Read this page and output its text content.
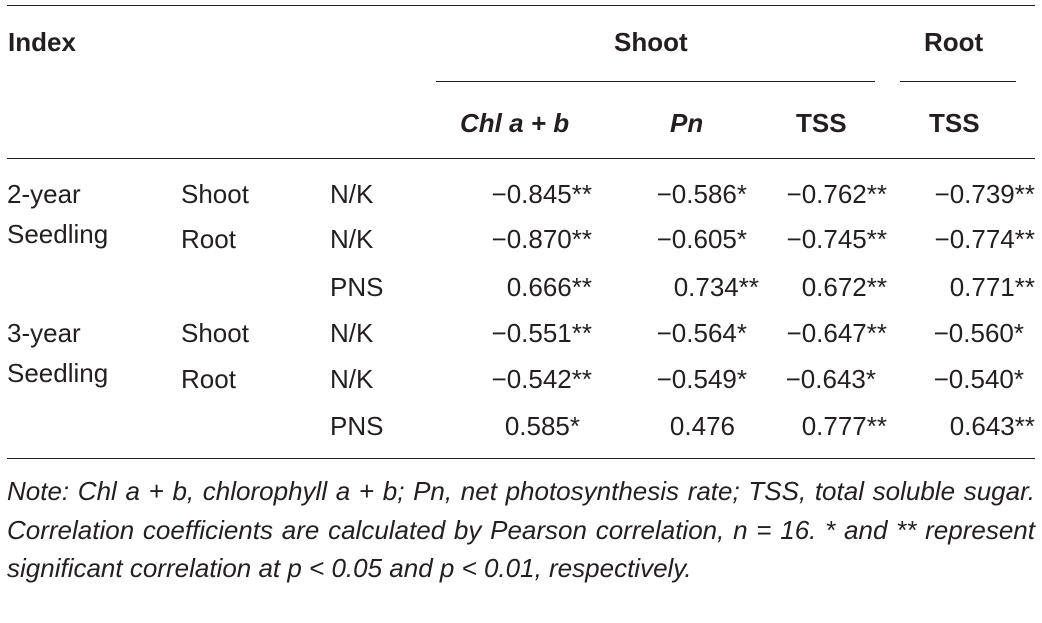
Index	Shoot	Root
Chl a + b	Pn	TSS	TSS
2-year
Seedling
Shoot	N/K	−0.845** −0.586* −0.762** −0.739**
Root	N/K	−0.870** −0.605* −0.745** −0.774**
PNS	0.666**	0.734** 0.672** 0.771**
3-year
Seedling
Shoot	N/K	−0.551** −0.564* −0.647** −0.560*
Root	N/K	−0.542** −0.549* −0.643* −0.540*
PNS	0.585*	0.476	0.777** 0.643**
Note: Chl a + b, chlorophyll a + b; Pn, net photosynthesis rate; TSS, total soluble sugar. Correlation coefficients are calculated by Pearson correlation, n = 16. * and ** represent significant correlation at p < 0.05 and p < 0.01, respectively.
